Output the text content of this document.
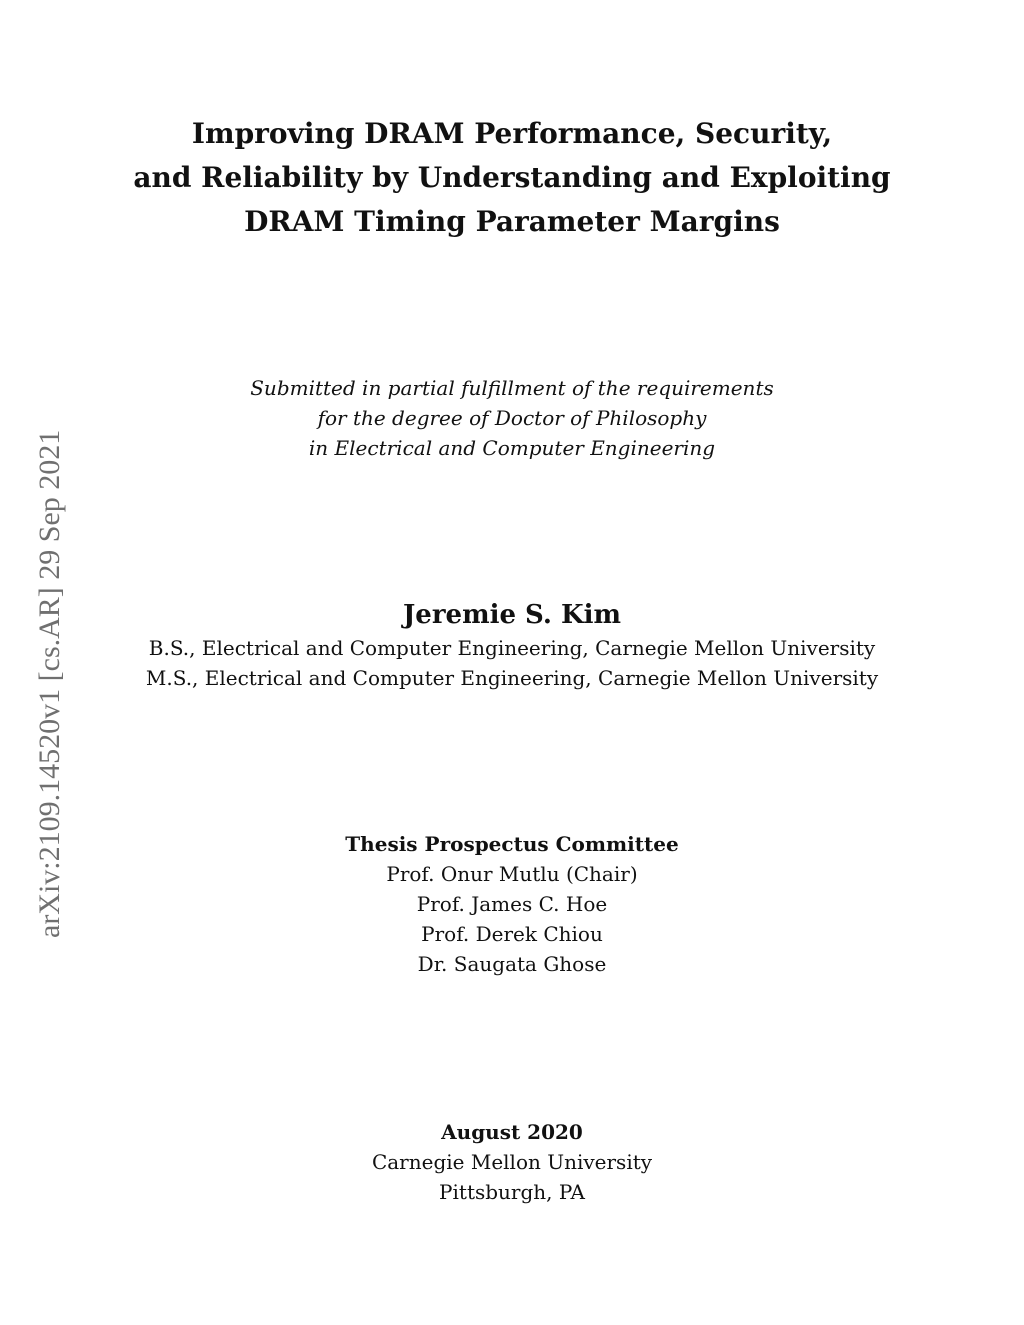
arXiv:2109.14520v1 [cs.AR] 29 Sep 2021
Improving DRAM Performance, Security,
and Reliability by Understanding and Exploiting
DRAM Timing Parameter Margins
Submitted in partial fulfillment of the requirements
for the degree of Doctor of Philosophy
in Electrical and Computer Engineering
Jeremie S. Kim
B.S., Electrical and Computer Engineering, Carnegie Mellon University
M.S., Electrical and Computer Engineering, Carnegie Mellon University
Thesis Prospectus Committee
Prof. Onur Mutlu (Chair)
Prof. James C. Hoe
Prof. Derek Chiou
Dr. Saugata Ghose
August 2020
Carnegie Mellon University
Pittsburgh, PA
